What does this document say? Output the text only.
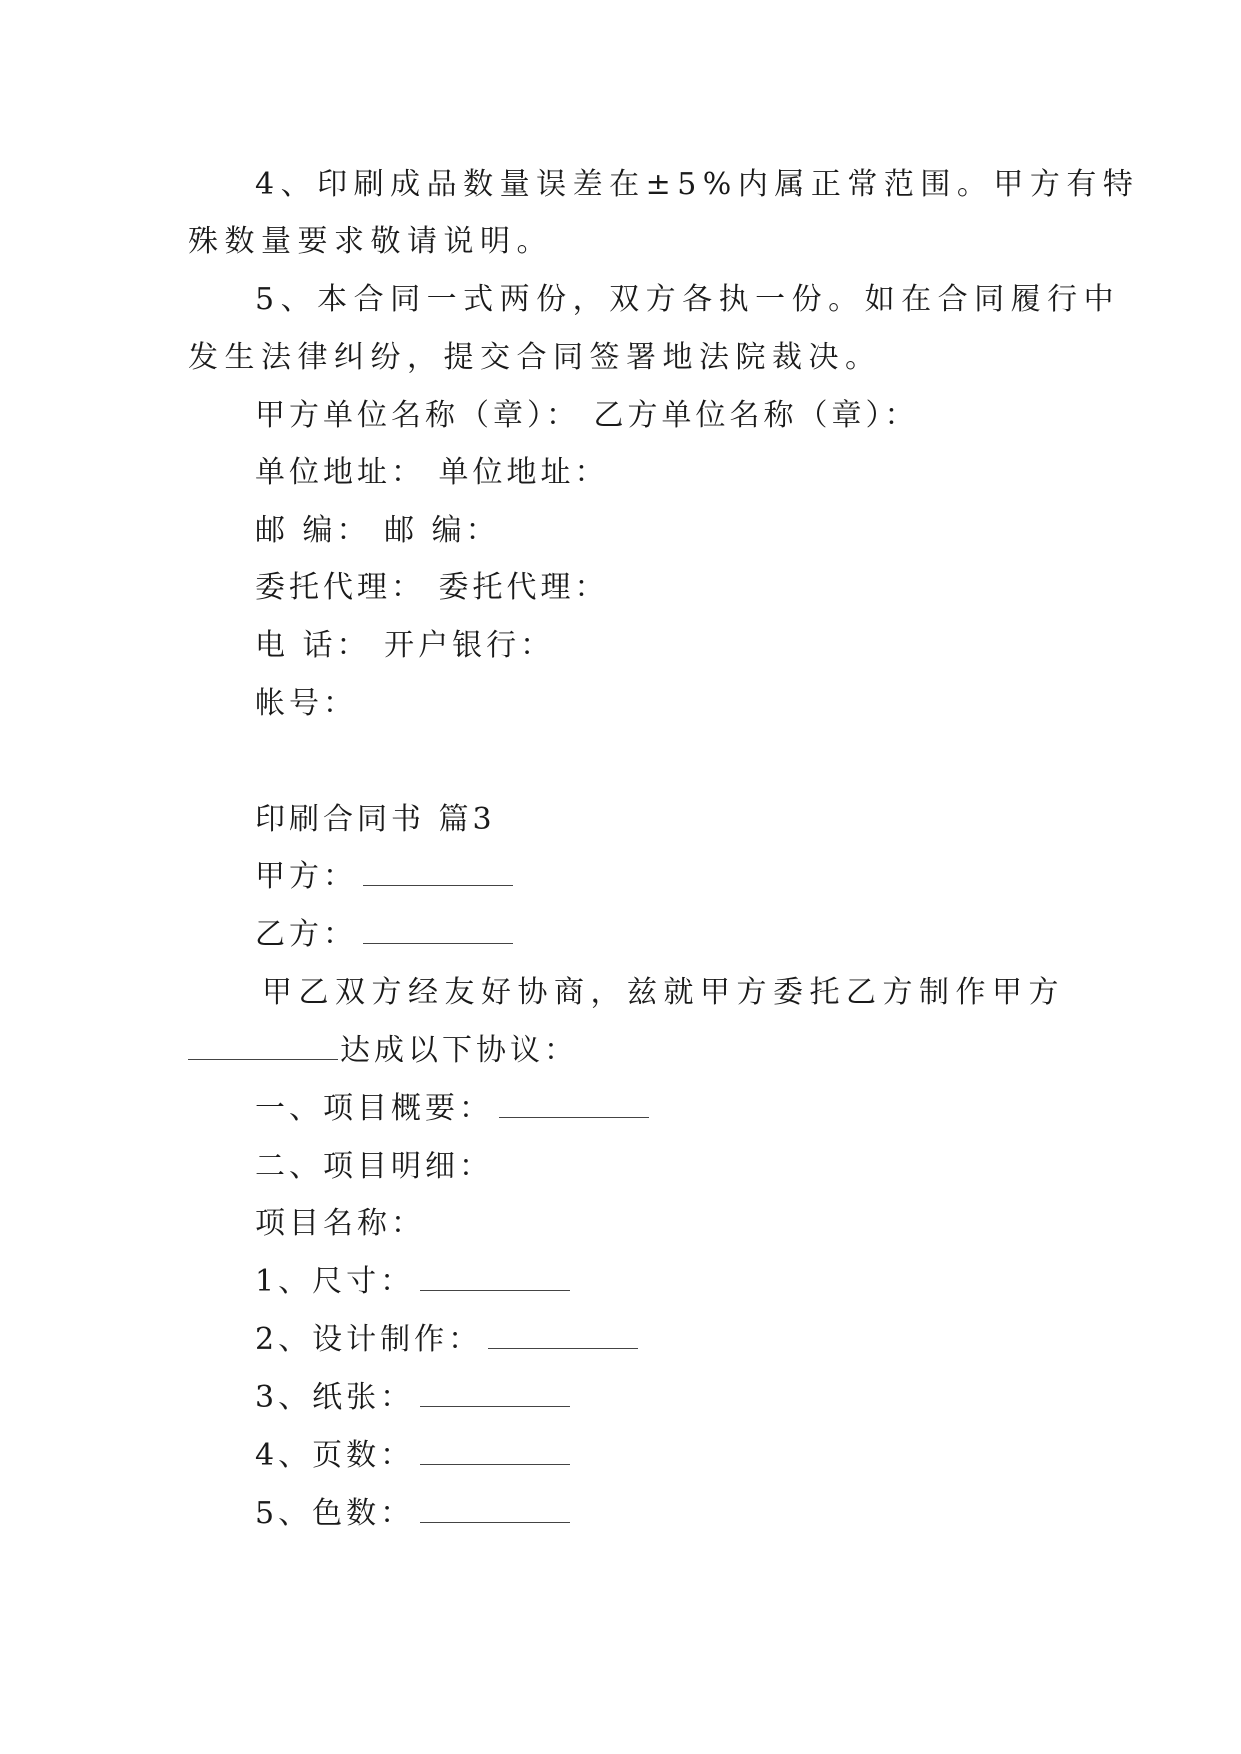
4、印刷成品数量误差在±5%内属正常范围。甲方有特
殊数量要求敬请说明。
5、本合同一式两份，双方各执一份。如在合同履行中
发生法律纠纷，提交合同签署地法院裁决。
甲方单位名称（章）： 乙方单位名称（章）：
单位地址： 单位地址：
邮 编： 邮 编：
委托代理： 委托代理：
电 话： 开户银行：
帐号：
印刷合同书 篇3
甲方：
乙方：
甲乙双方经友好协商，兹就甲方委托乙方制作甲方
达成以下协议：
一、项目概要：
二、项目明细：
项目名称：
1、尺寸：
2、设计制作：
3、纸张：
4、页数：
5、色数：
